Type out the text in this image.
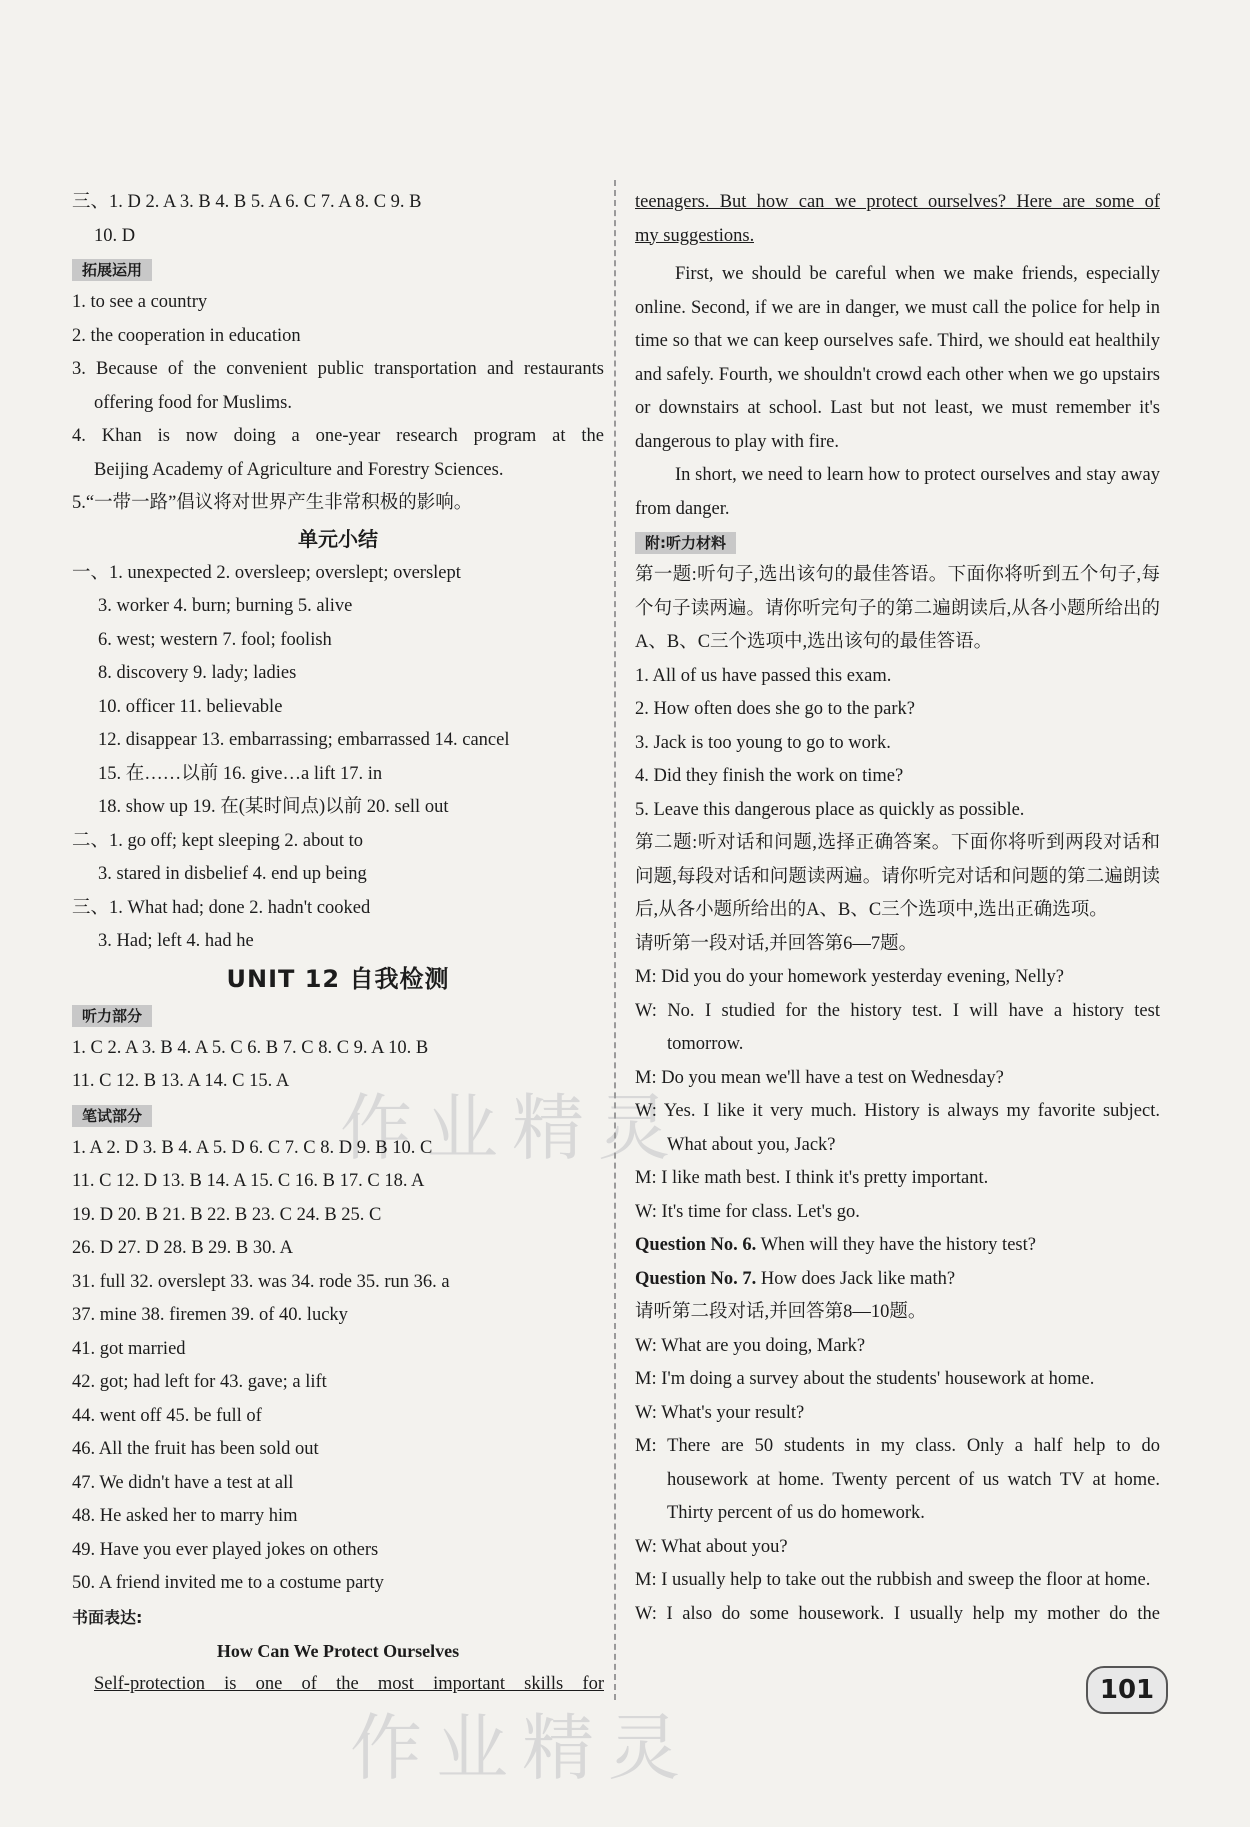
作业精灵
作业精灵
三、1. D 2. A 3. B 4. B 5. A 6. C 7. A 8. C 9. B
10. D
拓展运用
1. to see a country
2. the cooperation in education
3. Because of the convenient public transportation and restaurants
offering food for Muslims.
4. Khan is now doing a one-year research program at the
Beijing Academy of Agriculture and Forestry Sciences.
5.“一带一路”倡议将对世界产生非常积极的影响。
单元小结
一、1. unexpected 2. oversleep; overslept; overslept
3. worker 4. burn; burning 5. alive
6. west; western 7. fool; foolish
8. discovery 9. lady; ladies
10. officer 11. believable
12. disappear 13. embarrassing; embarrassed 14. cancel
15. 在……以前 16. give…a lift 17. in
18. show up 19. 在(某时间点)以前 20. sell out
二、1. go off; kept sleeping 2. about to
3. stared in disbelief 4. end up being
三、1. What had; done 2. hadn't cooked
3. Had; left 4. had he
UNIT 12 自我检测
听力部分
1. C 2. A 3. B 4. A 5. C 6. B 7. C 8. C 9. A 10. B
11. C 12. B 13. A 14. C 15. A
笔试部分
1. A 2. D 3. B 4. A 5. D 6. C 7. C 8. D 9. B 10. C
11. C 12. D 13. B 14. A 15. C 16. B 17. C 18. A
19. D 20. B 21. B 22. B 23. C 24. B 25. C
26. D 27. D 28. B 29. B 30. A
31. full 32. overslept 33. was 34. rode 35. run 36. a
37. mine 38. firemen 39. of 40. lucky
41. got married
42. got; had left for 43. gave; a lift
44. went off 45. be full of
46. All the fruit has been sold out
47. We didn't have a test at all
48. He asked her to marry him
49. Have you ever played jokes on others
50. A friend invited me to a costume party
书面表达:
How Can We Protect Ourselves
Self-protection is one of the most important skills for
teenagers. But how can we protect ourselves? Here are some of
my suggestions.
First, we should be careful when we make friends, especially online. Second, if we are in danger, we must call the police for help in time so that we can keep ourselves safe. Third, we should eat healthily and safely. Fourth, we shouldn't crowd each other when we go upstairs or downstairs at school. Last but not least, we must remember it's dangerous to play with fire.
In short, we need to learn how to protect ourselves and stay away from danger.
附:听力材料
第一题:听句子,选出该句的最佳答语。下面你将听到五个句子,每个句子读两遍。请你听完句子的第二遍朗读后,从各小题所给出的A、B、C三个选项中,选出该句的最佳答语。
1. All of us have passed this exam.
2. How often does she go to the park?
3. Jack is too young to go to work.
4. Did they finish the work on time?
5. Leave this dangerous place as quickly as possible.
第二题:听对话和问题,选择正确答案。下面你将听到两段对话和问题,每段对话和问题读两遍。请你听完对话和问题的第二遍朗读后,从各小题所给出的A、B、C三个选项中,选出正确选项。
请听第一段对话,并回答第6—7题。
M: Did you do your homework yesterday evening, Nelly?
W: No. I studied for the history test. I will have a history test tomorrow.
M: Do you mean we'll have a test on Wednesday?
W: Yes. I like it very much. History is always my favorite subject. What about you, Jack?
M: I like math best. I think it's pretty important.
W: It's time for class. Let's go.
Question No. 6. When will they have the history test?
Question No. 7. How does Jack like math?
请听第二段对话,并回答第8—10题。
W: What are you doing, Mark?
M: I'm doing a survey about the students' housework at home.
W: What's your result?
M: There are 50 students in my class. Only a half help to do housework at home. Twenty percent of us watch TV at home. Thirty percent of us do homework.
W: What about you?
M: I usually help to take out the rubbish and sweep the floor at home.
W: I also do some housework. I usually help my mother do the
101
